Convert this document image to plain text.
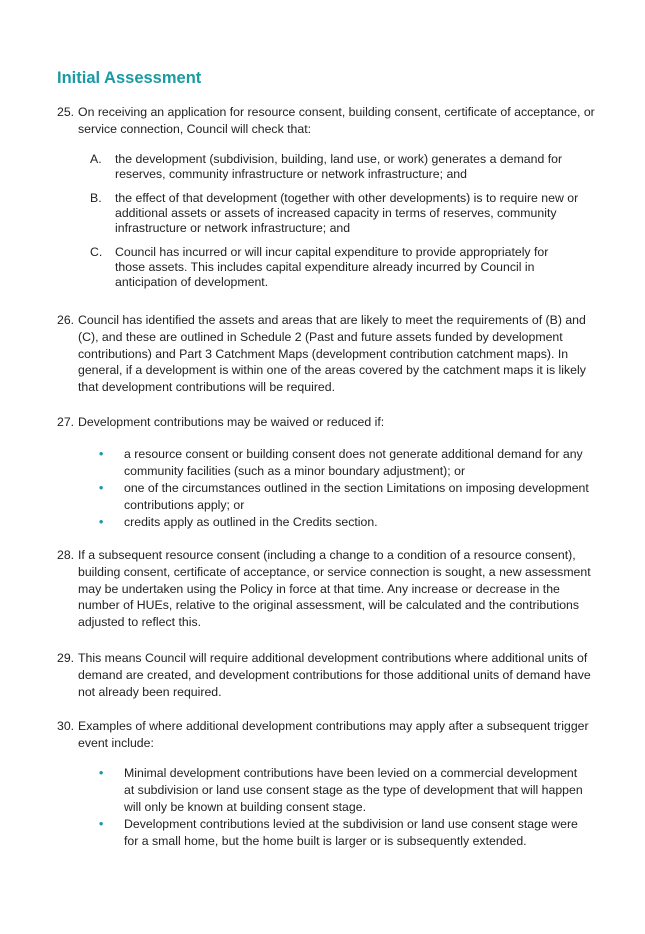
Initial Assessment
25. On receiving an application for resource consent, building consent, certificate of acceptance, or service connection, Council will check that:
A.	the development (subdivision, building, land use, or work) generates a demand for reserves, community infrastructure or network infrastructure; and
B.	the effect of that development (together with other developments) is to require new or additional assets or assets of increased capacity in terms of reserves, community infrastructure or network infrastructure; and
C.	Council has incurred or will incur capital expenditure to provide appropriately for those assets. This includes capital expenditure already incurred by Council in anticipation of development.
26. Council has identified the assets and areas that are likely to meet the requirements of (B) and (C), and these are outlined in Schedule 2 (Past and future assets funded by development contributions) and Part 3 Catchment Maps (development contribution catchment maps). In general, if a development is within one of the areas covered by the catchment maps it is likely that development contributions will be required.
27. Development contributions may be waived or reduced if:
•	a resource consent or building consent does not generate additional demand for any community facilities (such as a minor boundary adjustment); or
•	one of the circumstances outlined in the section Limitations on imposing development contributions apply; or
•	credits apply as outlined in the Credits section.
28. If a subsequent resource consent (including a change to a condition of a resource consent), building consent, certificate of acceptance, or service connection is sought, a new assessment may be undertaken using the Policy in force at that time. Any increase or decrease in the number of HUEs, relative to the original assessment, will be calculated and the contributions adjusted to reflect this.
29. This means Council will require additional development contributions where additional units of demand are created, and development contributions for those additional units of demand have not already been required.
30. Examples of where additional development contributions may apply after a subsequent trigger event include:
•	Minimal development contributions have been levied on a commercial development at subdivision or land use consent stage as the type of development that will happen will only be known at building consent stage.
•	Development contributions levied at the subdivision or land use consent stage were for a small home, but the home built is larger or is subsequently extended.
